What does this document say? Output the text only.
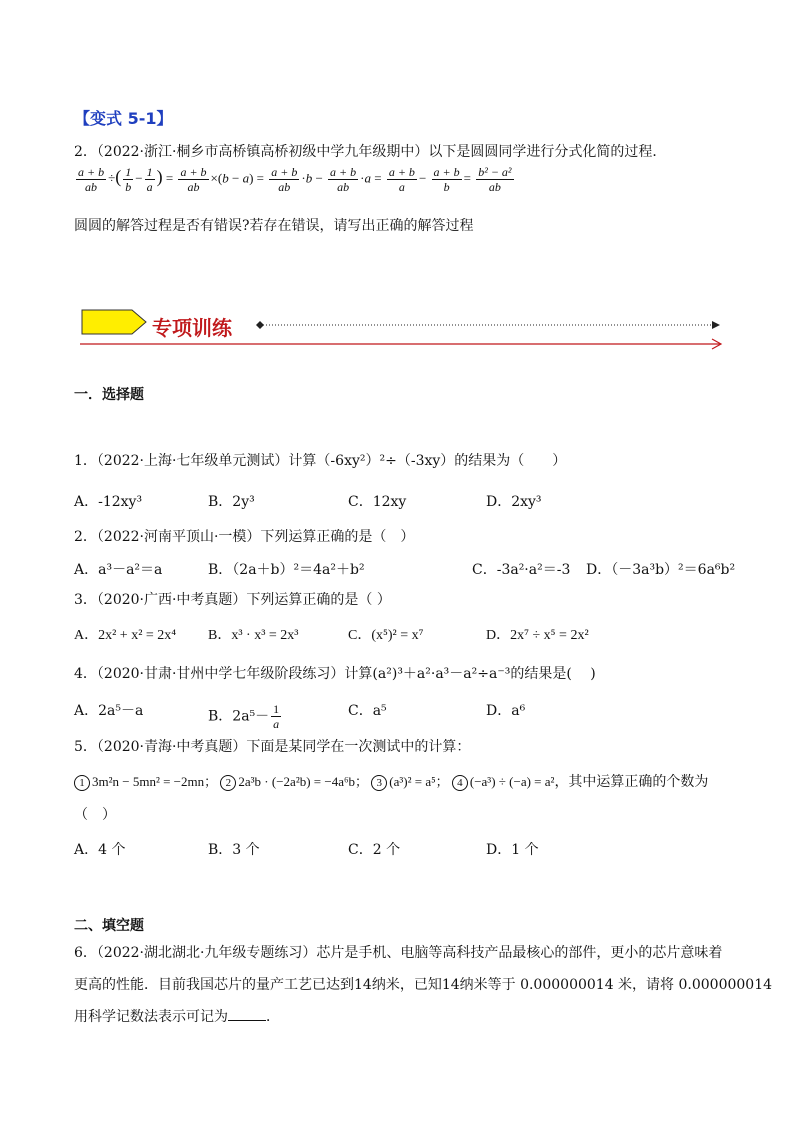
【变式 5-1】
2．（2022·浙江·桐乡市高桥镇高桥初级中学九年级期中）以下是圆圆同学进行分式化简的过程．
$\frac{a + b}{ab}$ ÷( $\frac{1}{b} - \frac{1}{a}$ ) = $\frac{a + b}{ab} \times(b - a) = \frac{a + b}{ab} \cdot b - \frac{a + b}{ab} \cdot a = \frac{a + b}{a} - \frac{a + b}{b} = \frac{\text{b² − a²}}{ab}$
圆圆的解答过程是否有错误?若存在错误，请写出正确的解答过程
专项训练
一．选择题
1．（2022·上海·七年级单元测试）计算（-6xy²）²÷（-3xy）的结果为（　　）
A．-12xy³	B．2y³	C．12xy	D．2xy³
2．（2022·河南平顶山·一模）下列运算正确的是（　）
A．a³－a²＝a	B．（2a＋b）²＝4a²＋b²	C．-3a²·a²＝-3 D．（－3a³b）²＝6a⁶b²
3．（2020·广西·中考真题）下列运算正确的是（ ）
A．2x² + x² = 2x⁴ B．x³ · x³ = 2x³	C．(x⁵)² = x⁷	D．2x⁷ ÷ x⁵ = 2x²
4．（2020·甘肃·甘州中学七年级阶段练习）计算(a²)³＋a²·a³－a²÷a⁻³的结果是(　 )
A．2a⁵－a	B．$2a^5- \frac{1}{a}$	C．a⁵	D．a⁶
5．（2020·青海·中考真题）下面是某同学在一次测试中的计算：
1 3m²n − 5mn² = −2mn； 2 2a³b · (−2a²b) = −4a⁶b； 3 (a³)² = a⁵； 4 (−a³) ÷ (−a) = a²，其中运算正确的个数为
（　）
A．4 个	B．3 个	C．2 个	D．1 个
二、填空题
6．（2022·湖北湖北·九年级专题练习）芯片是手机、电脑等高科技产品最核心的部件，更小的芯片意味着
更高的性能．目前我国芯片的量产工艺已达到14纳米，已知14纳米等于 0.000000014 米，请将 0.000000014
用科学记数法表示可记为	．
